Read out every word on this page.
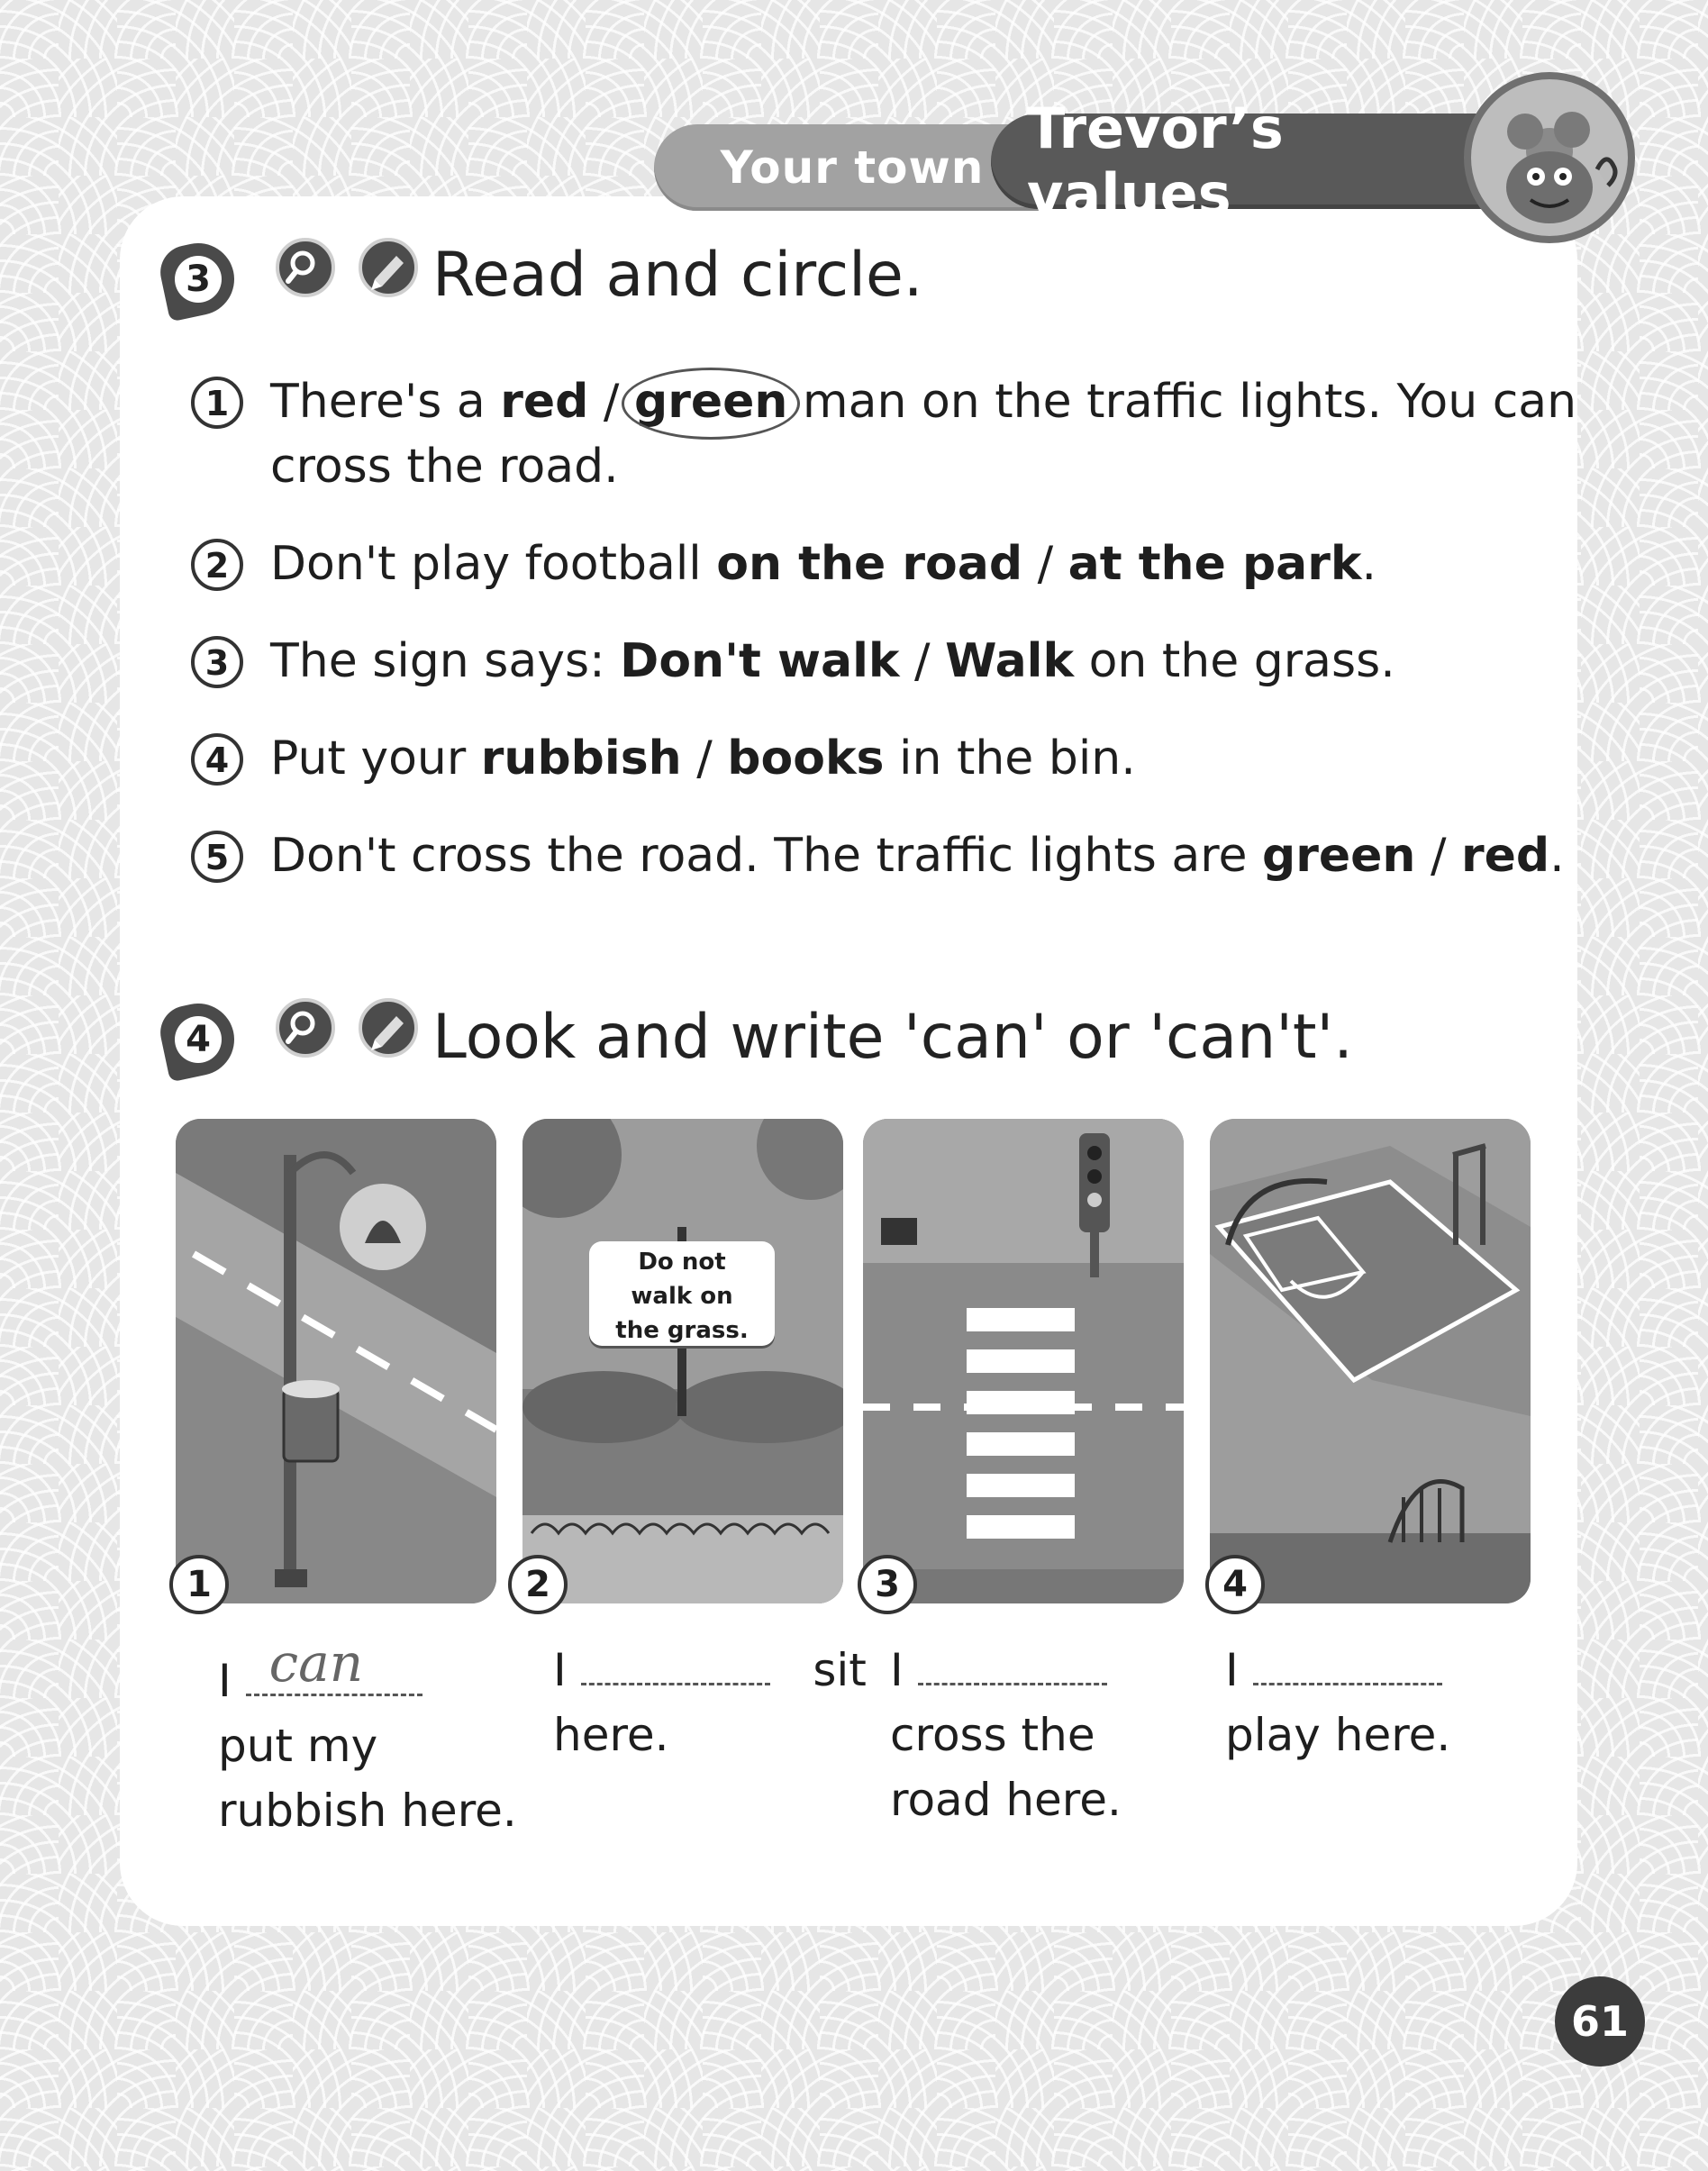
Your town
Trevor’s values
3	Read and circle.
1 There's a red / green man on the traffic lights. You can
cross the road.
2 Don't play football on the road / at the park.
3 The sign says: Don't walk / Walk on the grass.
4 Put your rubbish / books in the bin.
5 Don't cross the road. The traffic lights are green / red.
4	Look and write 'can' or 'can't'.
1
Do not
walk on
the grass.
2	3	4
I can
put my
rubbish here.
I	sit
here.
I
cross the
road here.
I
play here.
61
